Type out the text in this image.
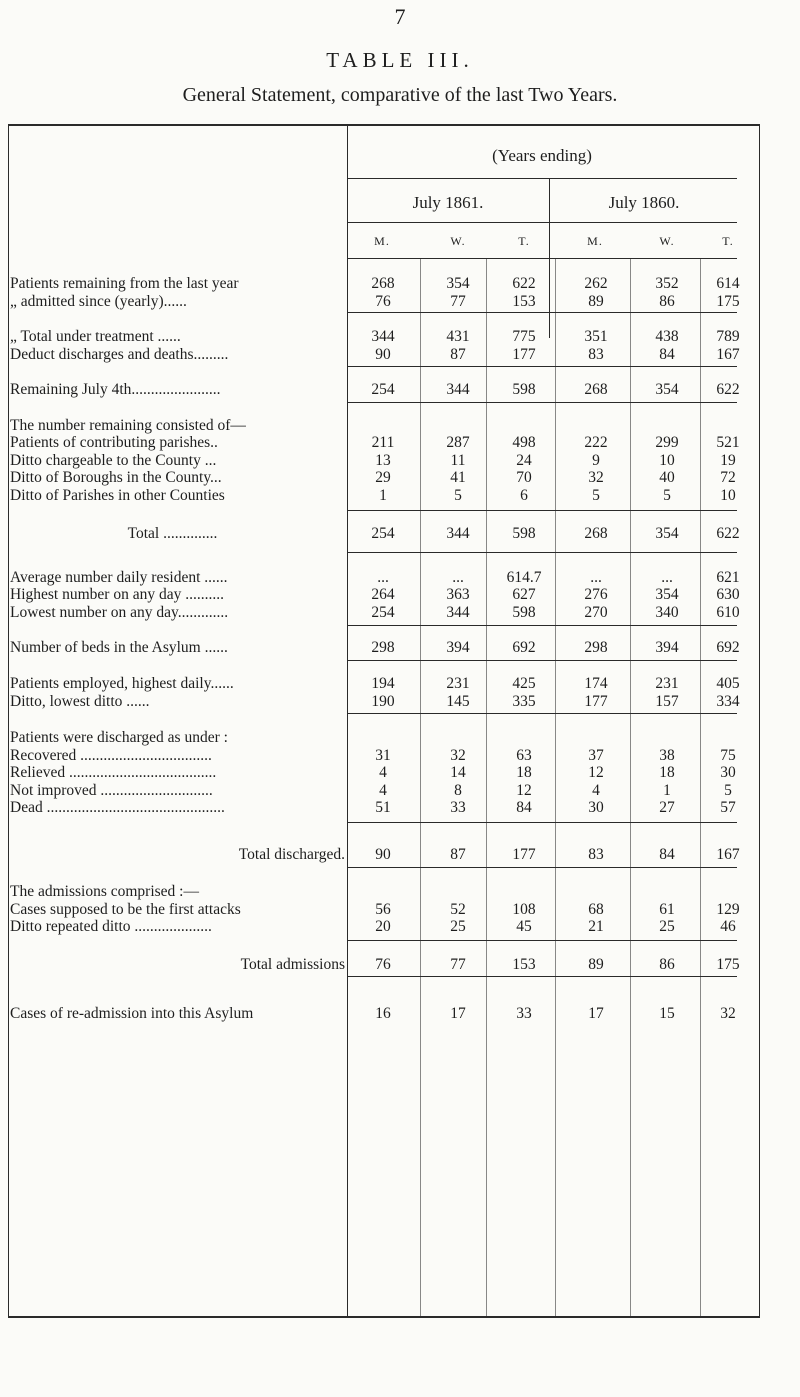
7
TABLE III.
General Statement, comparative of the last Two Years.
(Years ending)
July 1861.	July 1860.
M.	W.	T.	M.	W.	T.
Patients remaining from the last year	268	354	622	262	352	614
„ admitted since (yearly)......	76	77	153	89	86	175
„ Total under treatment ......	344	431	775	351	438	789
Deduct discharges and deaths.........	90	87	177	83	84	167
Remaining July 4th.......................	254	344	598	268	354	622
The number remaining consisted of—
Patients of contributing parishes..	211	287	498	222	299	521
Ditto chargeable to the County ...	13	11	24	9	10	19
Ditto of Boroughs in the County...	29	41	70	32	40	72
Ditto of Parishes in other Counties	1	5	6	5	5	10
Total ..............	254	344	598	268	354	622
Average number daily resident ......	...	...	614.7	...	...	621
Highest number on any day ..........	264	363	627	276	354	630
Lowest number on any day.............	254	344	598	270	340	610
Number of beds in the Asylum ......	298	394	692	298	394	692
Patients employed, highest daily......	194	231	425	174	231	405
Ditto, lowest ditto ......	190	145	335	177	157	334
Patients were discharged as under :
Recovered ..................................	31	32	63	37	38	75
Relieved ......................................	4	14	18	12	18	30
Not improved .............................	4	8	12	4	1	5
Dead ..............................................	51	33	84	30	27	57
Total discharged.	90	87	177	83	84	167
The admissions comprised :—
Cases supposed to be the first attacks	56	52	108	68	61	129
Ditto repeated ditto ....................	20	25	45	21	25	46
Total admissions	76	77	153	89	86	175
Cases of re-admission into this Asylum	16	17	33	17	15	32
